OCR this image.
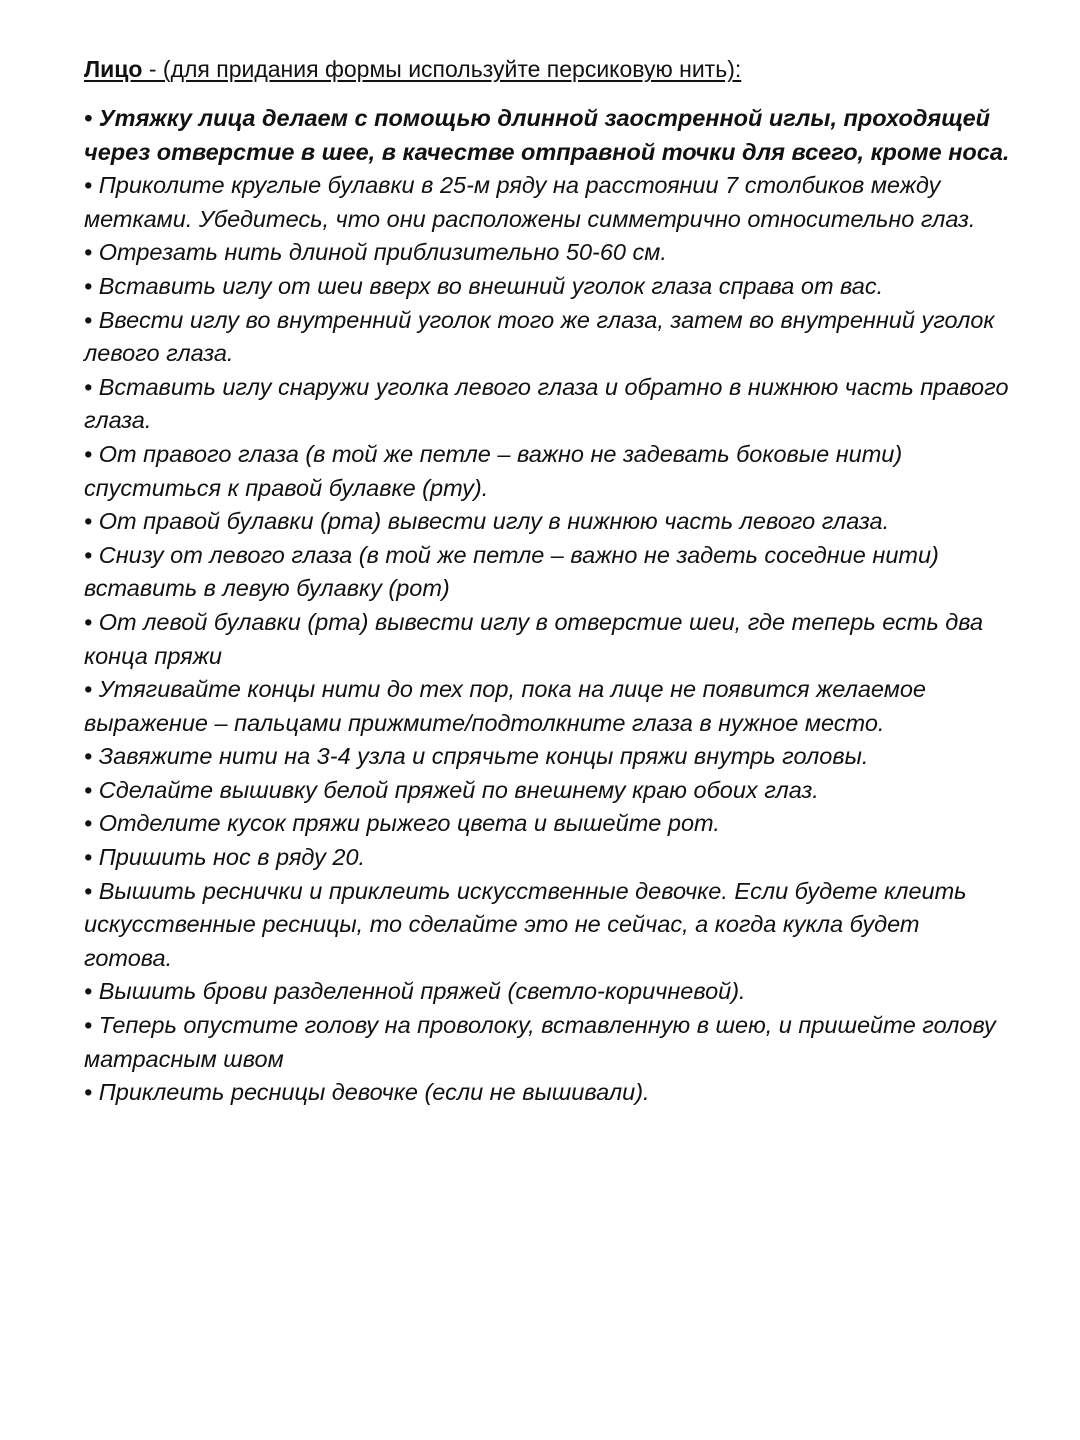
Лицо - (для придания формы используйте персиковую нить):

• Утяжку лица делаем с помощью длинной заостренной иглы, проходящей через отверстие в шее, в качестве отправной точки для всего, кроме носа.

• Приколите круглые булавки в 25-м ряду на расстоянии 7 столбиков между метками. Убедитесь, что они расположены симметрично относительно глаз.

• Отрезать нить длиной приблизительно 50-60 см.

• Вставить иглу от шеи вверх во внешний уголок глаза справа от вас.

• Ввести иглу во внутренний уголок того же глаза, затем во внутренний уголок левого глаза.

• Вставить иглу снаружи уголка левого глаза и обратно в нижнюю часть правого глаза.

• От правого глаза (в той же петле – важно не задевать боковые нити) спуститься к правой булавке (рту).

• От правой булавки (рта) вывести иглу в нижнюю часть левого глаза.

• Снизу от левого глаза (в той же петле – важно не задеть соседние нити) вставить в левую булавку (рот)

• От левой булавки (рта) вывести иглу в отверстие шеи, где теперь есть два конца пряжи

• Утягивайте концы нити до тех пор, пока на лице не появится желаемое выражение – пальцами прижмите/подтолкните глаза в нужное место.

• Завяжите нити на 3-4 узла и спрячьте концы пряжи внутрь головы.

• Сделайте вышивку белой пряжей по внешнему краю обоих глаз.

• Отделите кусок пряжи рыжего цвета и вышейте рот.

• Пришить нос в ряду 20.

• Вышить реснички и приклеить искусственные девочке. Если будете клеить искусственные ресницы, то сделайте это не сейчас, а когда кукла будет готова.

• Вышить брови разделенной пряжей (светло-коричневой).

• Теперь опустите голову на проволоку, вставленную в шею, и пришейте голову матрасным швом

• Приклеить ресницы девочке (если не вышивали).
